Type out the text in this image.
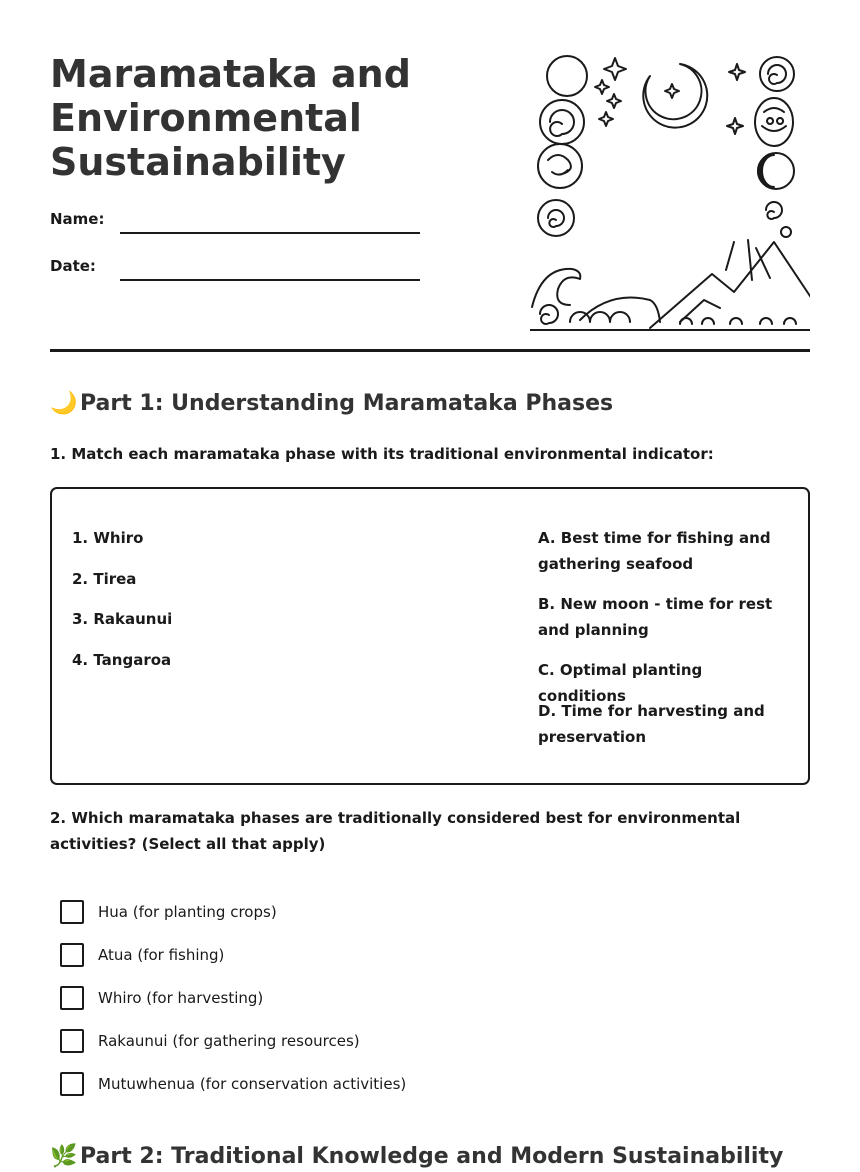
Maramataka and Environmental Sustainability
Name:
Date:
🌙 Part 1: Understanding Maramataka Phases

1. Match each maramataka phase with its traditional environmental indicator:

1. Whiro
2. Tirea
3. Rakaunui
4. Tangaroa
A. Best time for fishing and gathering seafood
B. New moon - time for rest and planning
C. Optimal planting conditions
D. Time for harvesting and preservation

2. Which maramataka phases are traditionally considered best for environmental activities? (Select all that apply)

Hua (for planting crops)
Atua (for fishing)
Whiro (for harvesting)
Rakaunui (for gathering resources)
Mutuwhenua (for conservation activities)
🌿 Part 2: Traditional Knowledge and Modern Sustainability
